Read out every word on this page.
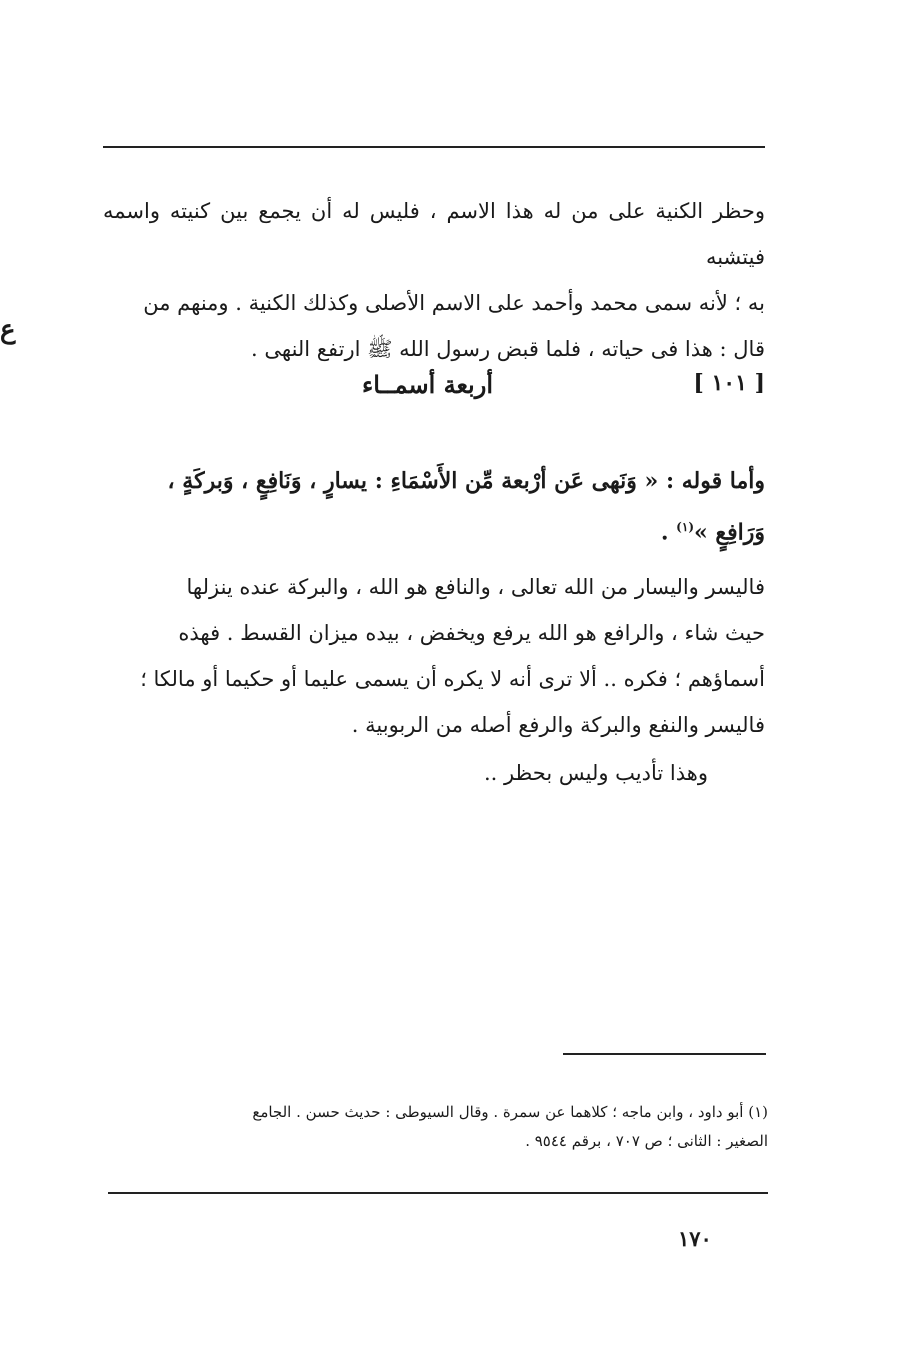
وحظر الكنية على من له هذا الاسم ، فليس له أن يجمع بين كنيته واسمه فيتشبه
به ؛ لأنه سمى محمد وأحمد على الاسم الأصلى وكذلك الكنية . ومنهم من
قال : هذا فى حياته ، فلما قبض رسول الله ﷺ ارتفع النهى .

ع
[ ١٠١ ]
أربعة أسمــاء

وأما قوله : « وَنَهى عَن أرْبعة مِّن الأَسْمَاءِ : يسارٍ ، وَنَافِعٍ ، وَبركَةٍ ،
وَرَافِعٍ »$^{(١)}$ .

فاليسر واليسار من الله تعالى ، والنافع هو الله ، والبركة عنده ينزلها
حيث شاء ، والرافع هو الله يرفع ويخفض ، بيده ميزان القسط . فهذه
أسماؤهم ؛ فكره .. ألا ترى أنه لا يكره أن يسمى عليما أو حكيما أو مالكا ؛
فاليسر والنفع والبركة والرفع أصله من الربوبية .

وهذا تأديب وليس بحظر ..

(١) أبو داود ، وابن ماجه ؛ كلاهما عن سمرة . وقال السيوطى : حديث حسن . الجامع
الصغير : الثانى ؛ ص ٧٠٧ ، برقم ٩٥٤٤ .

١٧٠
